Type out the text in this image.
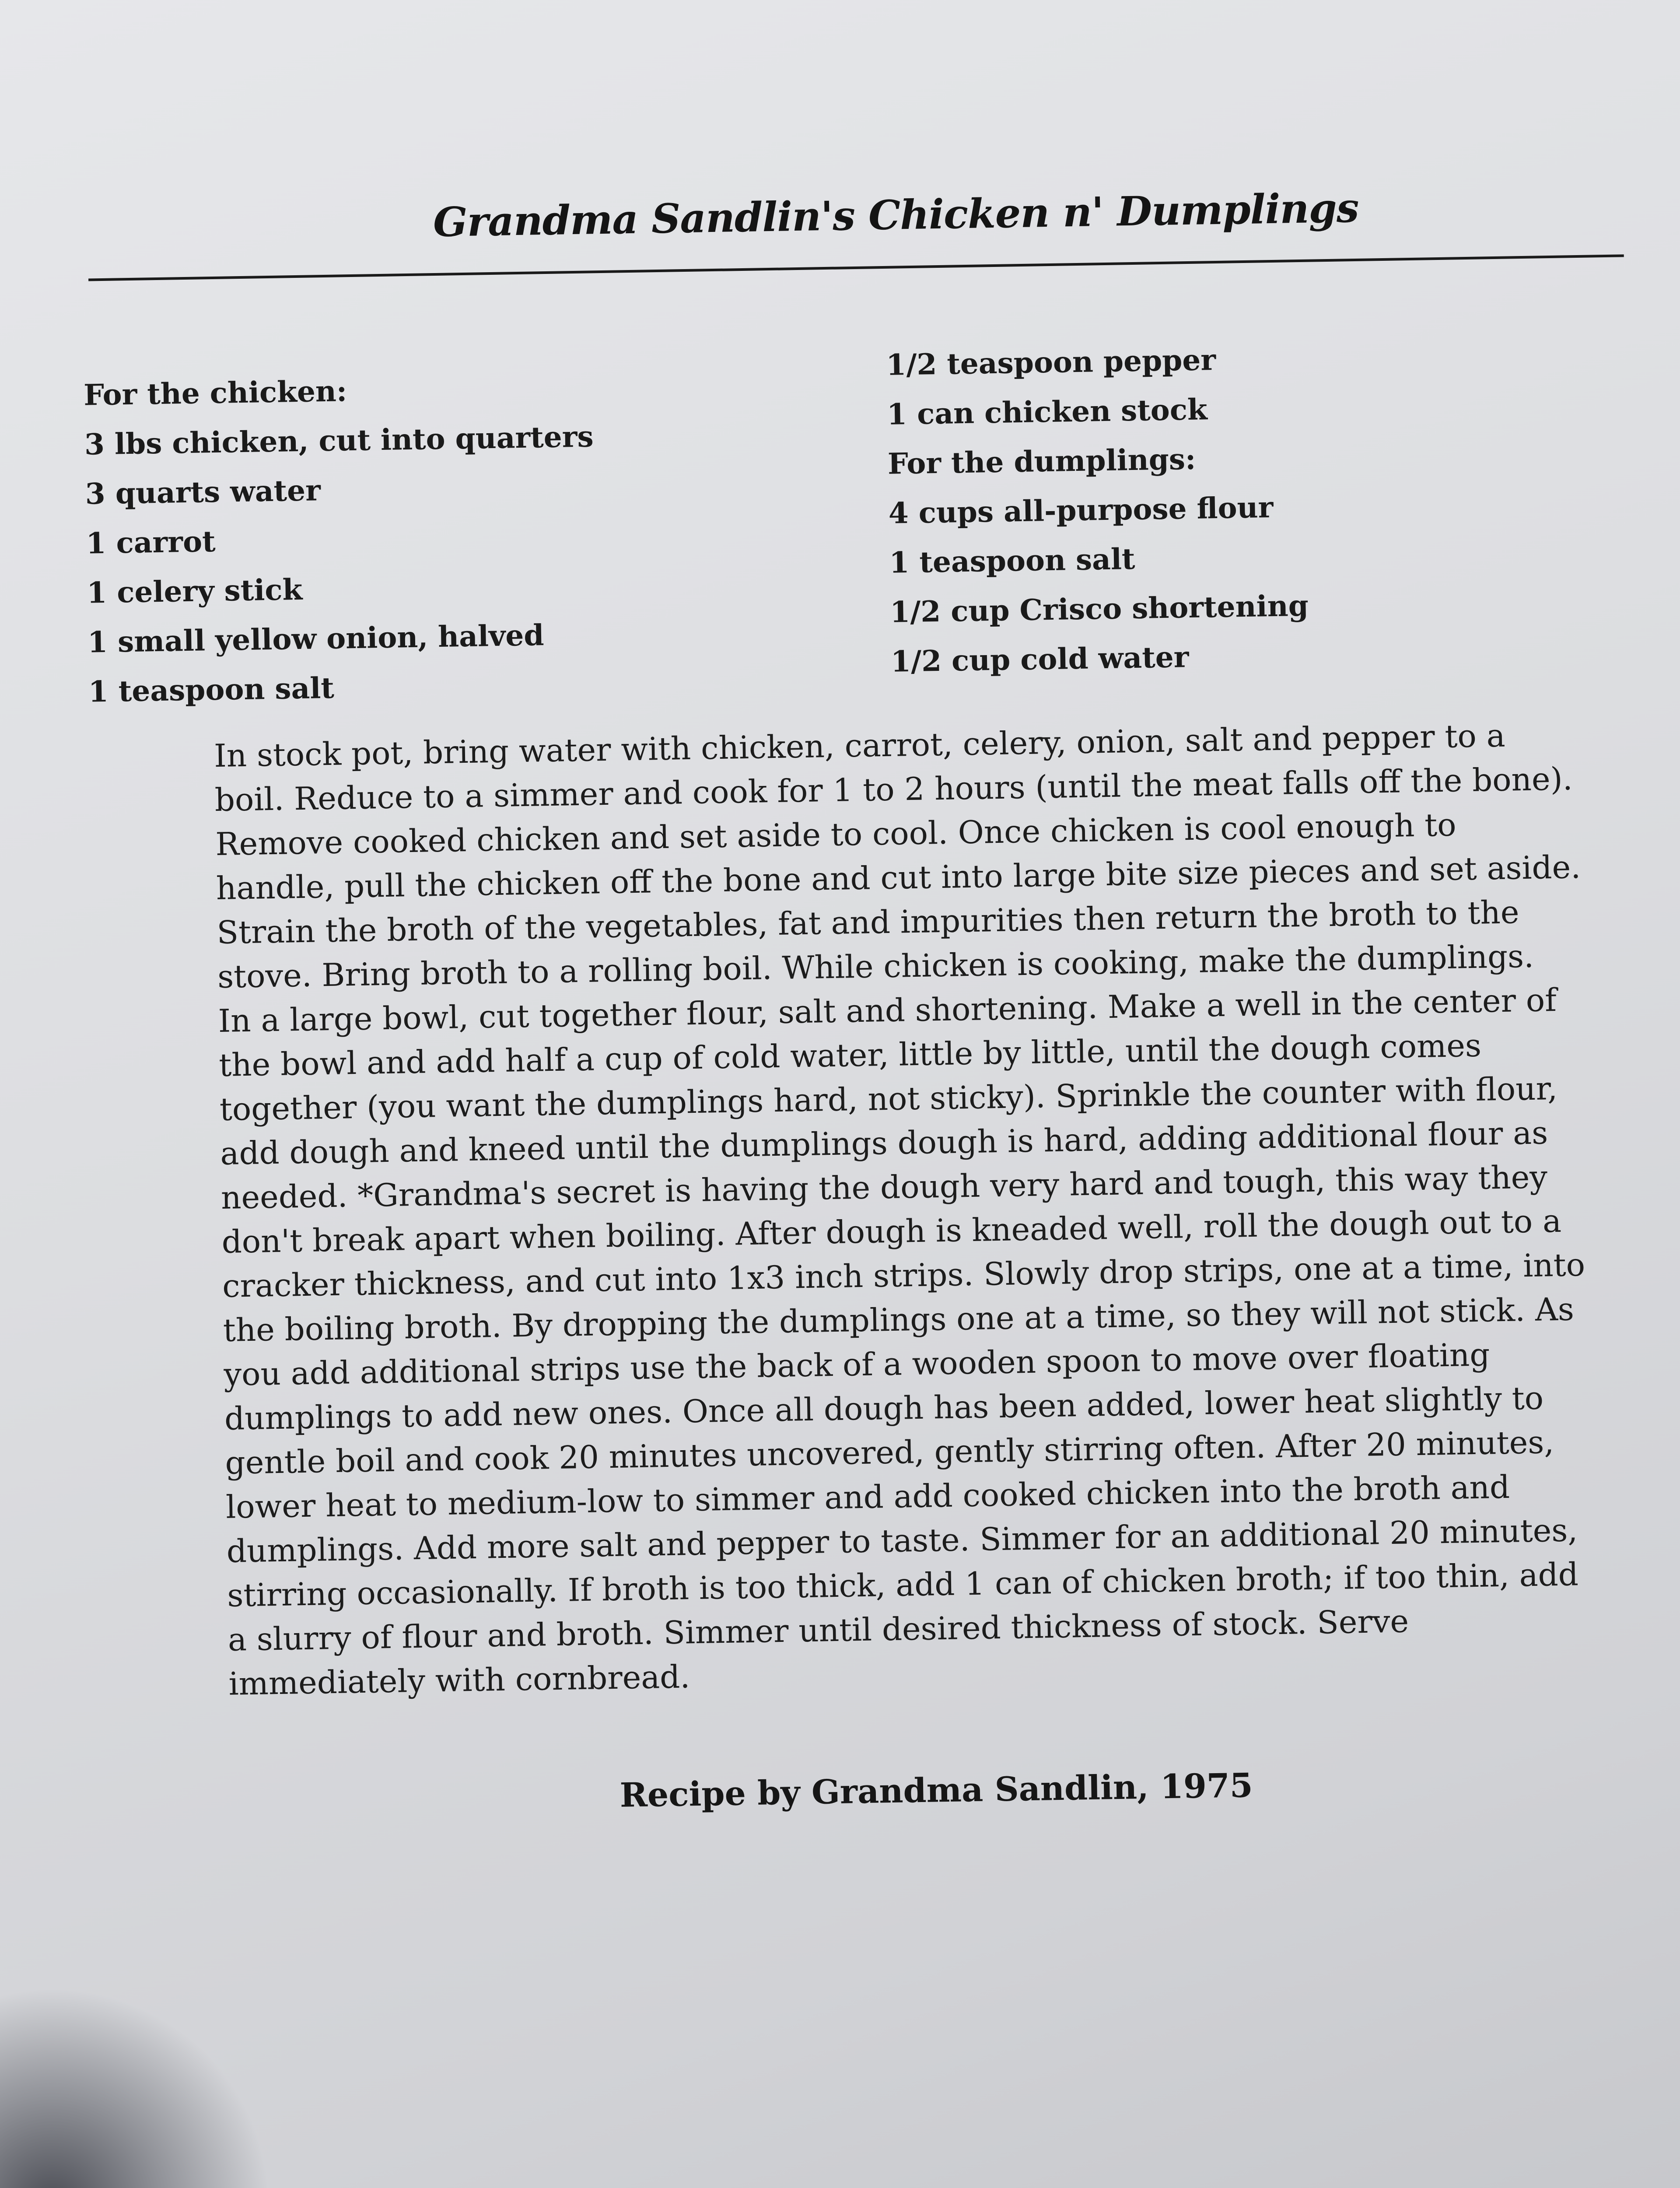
Grandma Sandlin's Chicken n' Dumplings
For the chicken:
3 lbs chicken, cut into quarters
3 quarts water
1 carrot
1 celery stick
1 small yellow onion, halved
1 teaspoon salt
1/2 teaspoon pepper
1 can chicken stock
For the dumplings:
4 cups all-purpose flour
1 teaspoon salt
1/2 cup Crisco shortening
1/2 cup cold water

In stock pot, bring water with chicken, carrot, celery, onion, salt and pepper to a
boil. Reduce to a simmer and cook for 1 to 2 hours (until the meat falls off the bone).
Remove cooked chicken and set aside to cool. Once chicken is cool enough to
handle, pull the chicken off the bone and cut into large bite size pieces and set aside.
Strain the broth of the vegetables, fat and impurities then return the broth to the
stove. Bring broth to a rolling boil. While chicken is cooking, make the dumplings.
In a large bowl, cut together flour, salt and shortening. Make a well in the center of
the bowl and add half a cup of cold water, little by little, until the dough comes
together (you want the dumplings hard, not sticky). Sprinkle the counter with flour,
add dough and kneed until the dumplings dough is hard, adding additional flour as
needed. *Grandma's secret is having the dough very hard and tough, this way they
don't break apart when boiling. After dough is kneaded well, roll the dough out to a
cracker thickness, and cut into 1x3 inch strips. Slowly drop strips, one at a time, into
the boiling broth. By dropping the dumplings one at a time, so they will not stick. As
you add additional strips use the back of a wooden spoon to move over floating
dumplings to add new ones. Once all dough has been added, lower heat slightly to
gentle boil and cook 20 minutes uncovered, gently stirring often. After 20 minutes,
lower heat to medium-low to simmer and add cooked chicken into the broth and
dumplings. Add more salt and pepper to taste. Simmer for an additional 20 minutes,
stirring occasionally. If broth is too thick, add 1 can of chicken broth; if too thin, add
a slurry of flour and broth. Simmer until desired thickness of stock. Serve
immediately with cornbread.

Recipe by Grandma Sandlin, 1975
